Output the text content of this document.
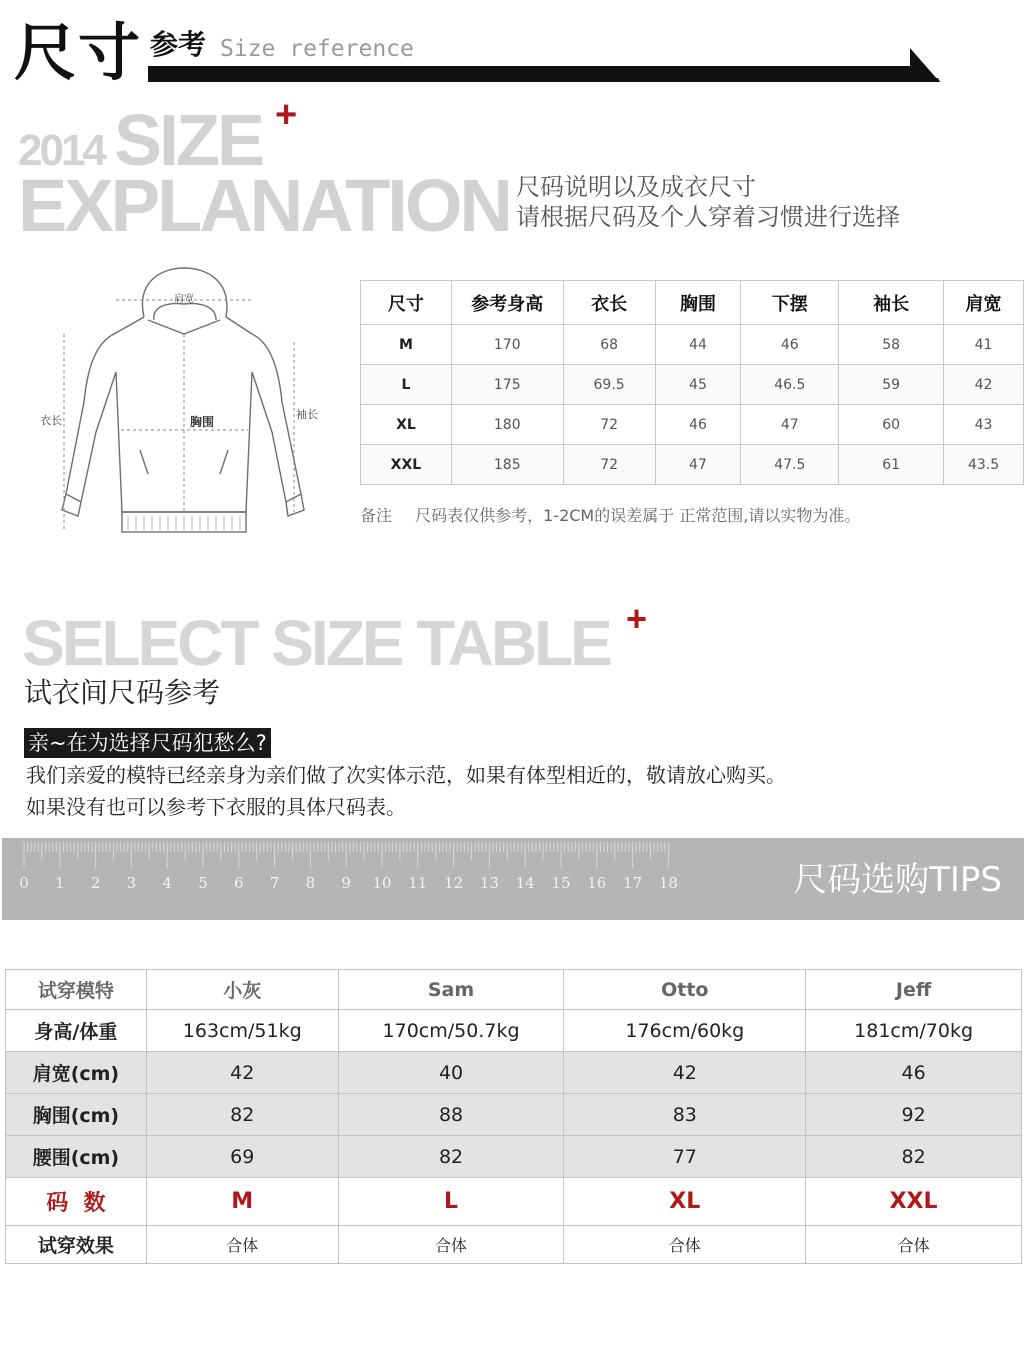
尺寸 参考 Size reference
2014 SIZE +
EXPLANATION 尺码说明以及成衣尺寸
请根据尺码及个人穿着习惯进行选择
肩宽
衣长	胸围
袖长
尺寸	参考身高	衣长	胸围	下摆	袖长	肩宽
M	170	68	44	46	58	41
L	175	69.5	45	46.5	59	42
XL	180	72	46	47	60	43
XXL	185	72	47	47.5	61	43.5
备注 尺码表仅供参考，1-2CM的误差属于 正常范围,请以实物为准。
SELECT SIZE TABLE +
试衣间尺码参考
亲~在为选择尺码犯愁么?
我们亲爱的模特已经亲身为亲们做了次实体示范，如果有体型相近的，敬请放心购买。
如果没有也可以参考下衣服的具体尺码表。
0 1 2 3 4 5 6 7 8 9 10 11 12 13 14 15 16 17 18	尺码选购TIPS
试穿模特	小灰	Sam	Otto	Jeff
身高/体重	163cm/51kg	170cm/50.7kg	176cm/60kg	181cm/70kg
肩宽(cm)	42	40	42	46
胸围(cm)	82	88	83	92
腰围(cm)	69	82	77	82
码  数	M	L	XL	XXL
试穿效果	合体	合体	合体	合体
